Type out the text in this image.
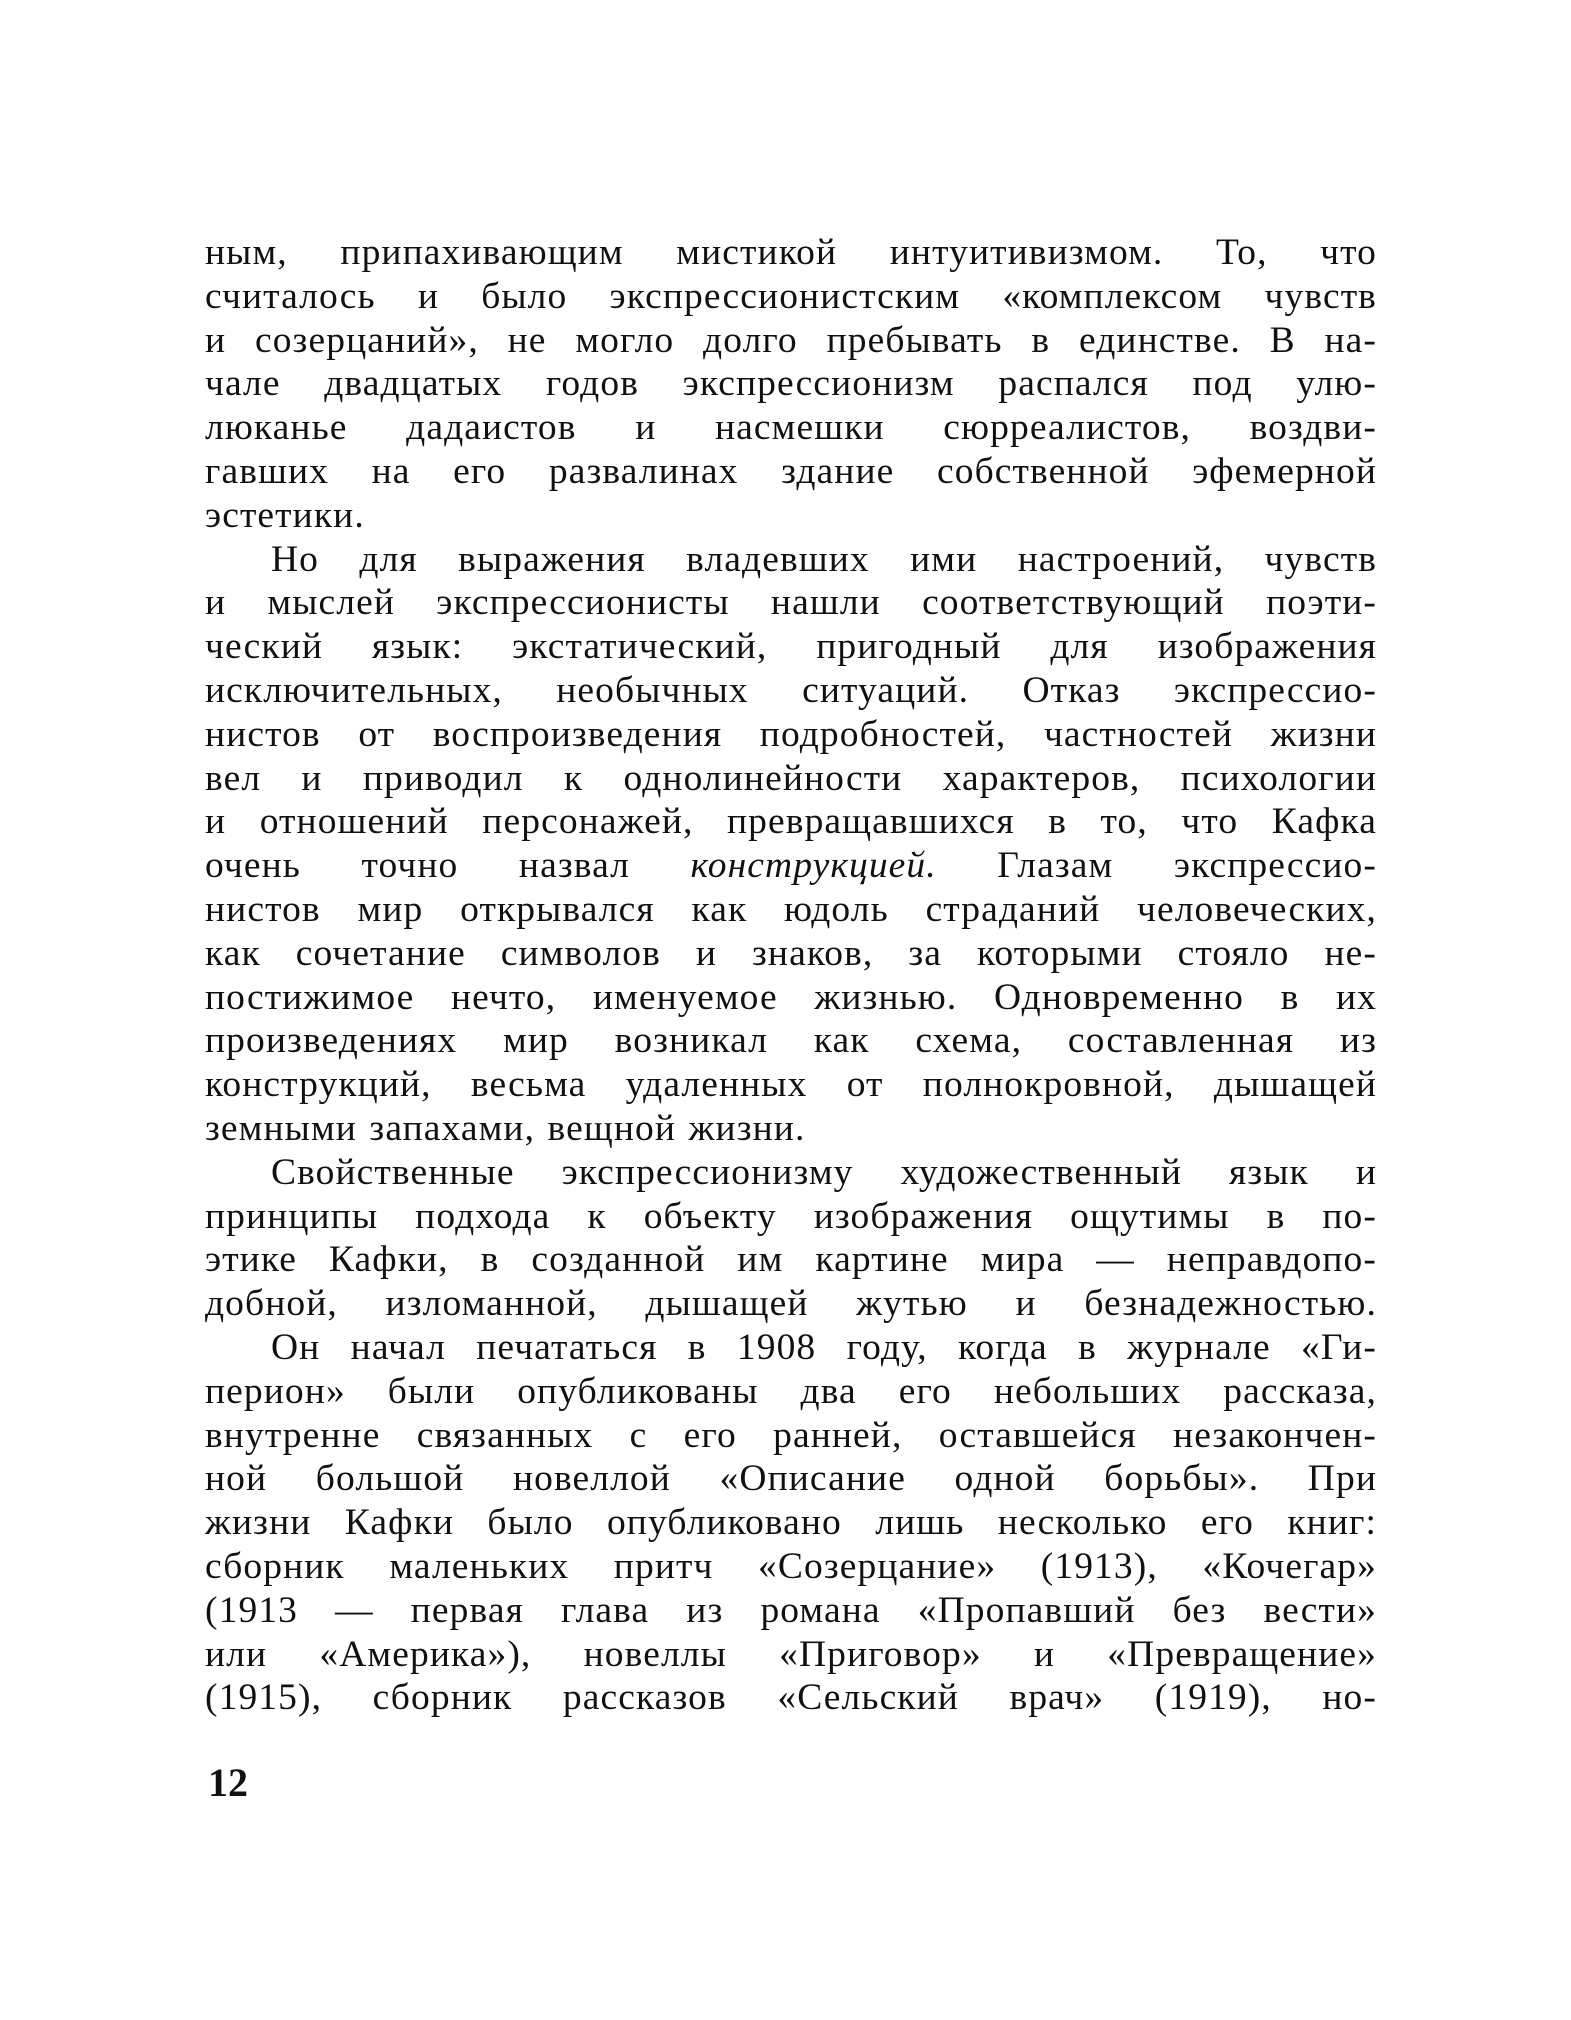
ным, припахивающим мистикой интуитивизмом. То, что
считалось и было экспрессионистским «комплексом чувств
и созерцаний», не могло долго пребывать в единстве. В на-
чале двадцатых годов экспрессионизм распался под улю-
люканье дадаистов и насмешки сюрреалистов, воздви-
гавших на его развалинах здание собственной эфемерной
эстетики.
Но для выражения владевших ими настроений, чувств
и мыслей экспрессионисты нашли соответствующий поэти-
ческий язык: экстатический, пригодный для изображения
исключительных, необычных ситуаций. Отказ экспрессио-
нистов от воспроизведения подробностей, частностей жизни
вел и приводил к однолинейности характеров, психологии
и отношений персонажей, превращавшихся в то, что Кафка
очень точно назвал конструкцией. Глазам экспрессио-
нистов мир открывался как юдоль страданий человеческих,
как сочетание символов и знаков, за которыми стояло не-
постижимое нечто, именуемое жизнью. Одновременно в их
произведениях мир возникал как схема, составленная из
конструкций, весьма удаленных от полнокровной, дышащей
земными запахами, вещной жизни.
Свойственные экспрессионизму художественный язык и
принципы подхода к объекту изображения ощутимы в по-
этике Кафки, в созданной им картине мира — неправдопо-
добной, изломанной, дышащей жутью и безнадежностью.
Он начал печататься в 1908 году, когда в журнале «Ги-
перион» были опубликованы два его небольших рассказа,
внутренне связанных с его ранней, оставшейся незакончен-
ной большой новеллой «Описание одной борьбы». При
жизни Кафки было опубликовано лишь несколько его книг:
сборник маленьких притч «Созерцание» (1913), «Кочегар»
(1913 — первая глава из романа «Пропавший без вести»
или «Америка»), новеллы «Приговор» и «Превращение»
(1915), сборник рассказов «Сельский врач» (1919), но-
12
